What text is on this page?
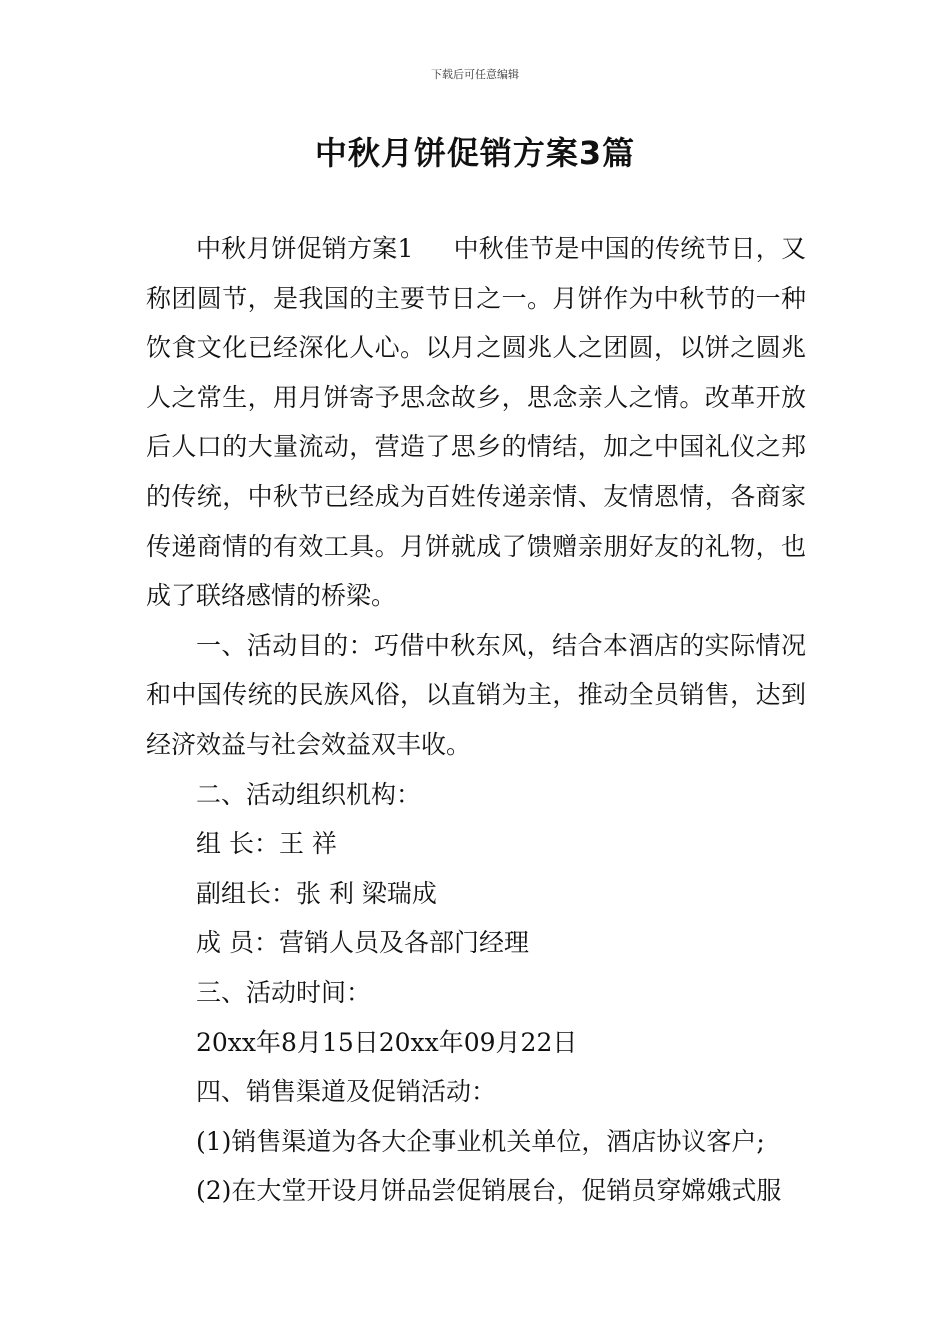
下载后可任意编辑
中秋月饼促销方案3篇

中秋月饼促销方案1 中秋佳节是中国的传统节日，又称团圆节，是我国的主要节日之一。月饼作为中秋节的一种饮食文化已经深化人心。以月之圆兆人之团圆，以饼之圆兆人之常生，用月饼寄予思念故乡，思念亲人之情。改革开放后人口的大量流动，营造了思乡的情结，加之中国礼仪之邦的传统，中秋节已经成为百姓传递亲情、友情恩情，各商家传递商情的有效工具。月饼就成了馈赠亲朋好友的礼物，也成了联络感情的桥梁。

一、活动目的：巧借中秋东风，结合本酒店的实际情况和中国传统的民族风俗，以直销为主，推动全员销售，达到经济效益与社会效益双丰收。

二、活动组织机构：

组 长：王 祥

副组长：张 利 梁瑞成

成 员：营销人员及各部门经理

三、活动时间：

20xx年8月15日20xx年09月22日

四、销售渠道及促销活动：

(1)销售渠道为各大企事业机关单位，酒店协议客户;

(2)在大堂开设月饼品尝促销展台，促销员穿嫦娥式服
